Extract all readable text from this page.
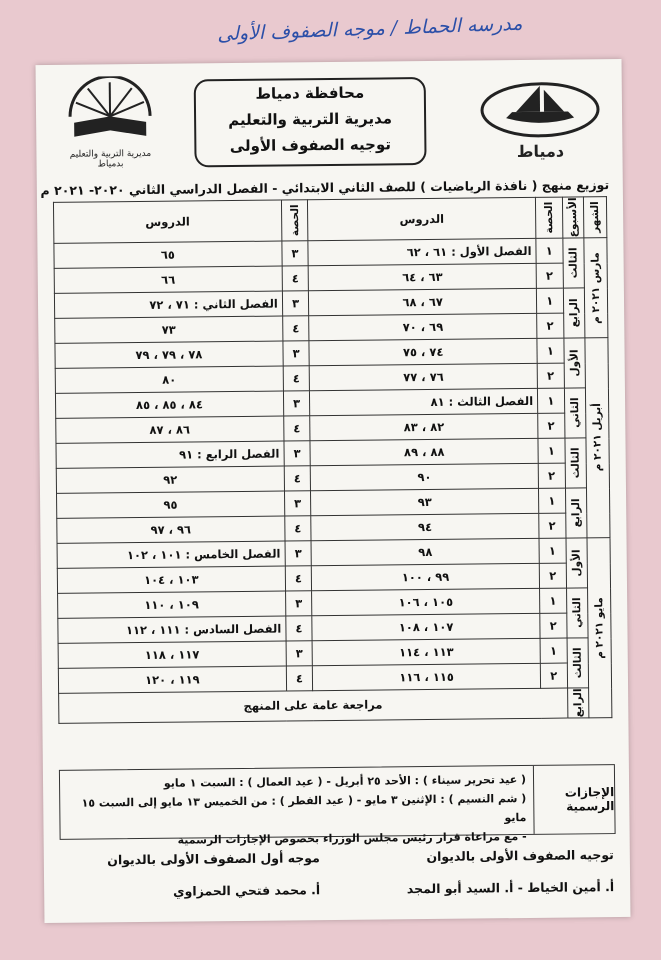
مدرسه الحماط / موجه الصفوف الأولى
دمياط
محافظة دمياط
مديرية التربية والتعليم
توجيه الصفوف الأولى
مديرية التربية والتعليم بدمياط
توزيع منهج ( نافذة الرياضيات ) للصف الثاني الابتدائي - الفصل الدراسي الثاني ٢٠٢٠- ٢٠٢١ م
الشهر	الأسبوع	الحصة	الدروس	الحصة	الدروس

مارس ٢٠٢١ م	الثالث	١	الفصل الأول : ٦١ ، ٦٢	٣	٦٥
		٢	٦٣ ، ٦٤	٤	٦٦

	الرابع	١	٦٧ ، ٦٨	٣	الفصل الثاني : ٧١ ، ٧٢
		٢	٦٩ ، ٧٠	٤	٧٣

أبريل ٢٠٢١ م	الأول	١	٧٤ ، ٧٥	٣	٧٨ ، ٧٩ ، ٧٩
		٢	٧٦ ، ٧٧	٤	٨٠

	الثاني	١	الفصل الثالث : ٨١	٣	٨٤ ، ٨٥ ، ٨٥
		٢	٨٢ ، ٨٣	٤	٨٦ ، ٨٧

	الثالث	١	٨٨ ، ٨٩	٣	الفصل الرابع : ٩١
		٢	٩٠	٤	٩٢

	الرابع	١	٩٣	٣	٩٥
		٢	٩٤	٤	٩٦ ، ٩٧

مايو ٢٠٢١ م	الأول	١	٩٨	٣	الفصل الخامس : ١٠١ ، ١٠٢
		٢	٩٩ ، ١٠٠	٤	١٠٣ ، ١٠٤

	الثاني	١	١٠٥ ، ١٠٦	٣	١٠٩ ، ١١٠
		٢	١٠٧ ، ١٠٨	٤	الفصل السادس : ١١١ ، ١١٢

	الثالث	١	١١٣ ، ١١٤	٣	١١٧ ، ١١٨
		٢	١١٥ ، ١١٦	٤	١١٩ ، ١٢٠

	الرابع	مراجعة عامة على المنهج			
الإجازات الرسمية
( عيد تحرير سيناء ) : الأحد ٢٥ أبريل - ( عيد العمال ) : السبت ١ مايو
( شم النسيم ) : الإثنين ٣ مايو - ( عيد الفطر ) : من الخميس ١٣ مايو إلى السبت ١٥ مايو
- مع مراعاة قرار رئيس مجلس الوزراء بخصوص الإجازات الرسمية
توجيه الصفوف الأولى بالديوان
أ. أمين الخياط - أ. السيد أبو المجد
موجه أول الصفوف الأولى بالديوان
أ. محمد فتحي الحمزاوي
